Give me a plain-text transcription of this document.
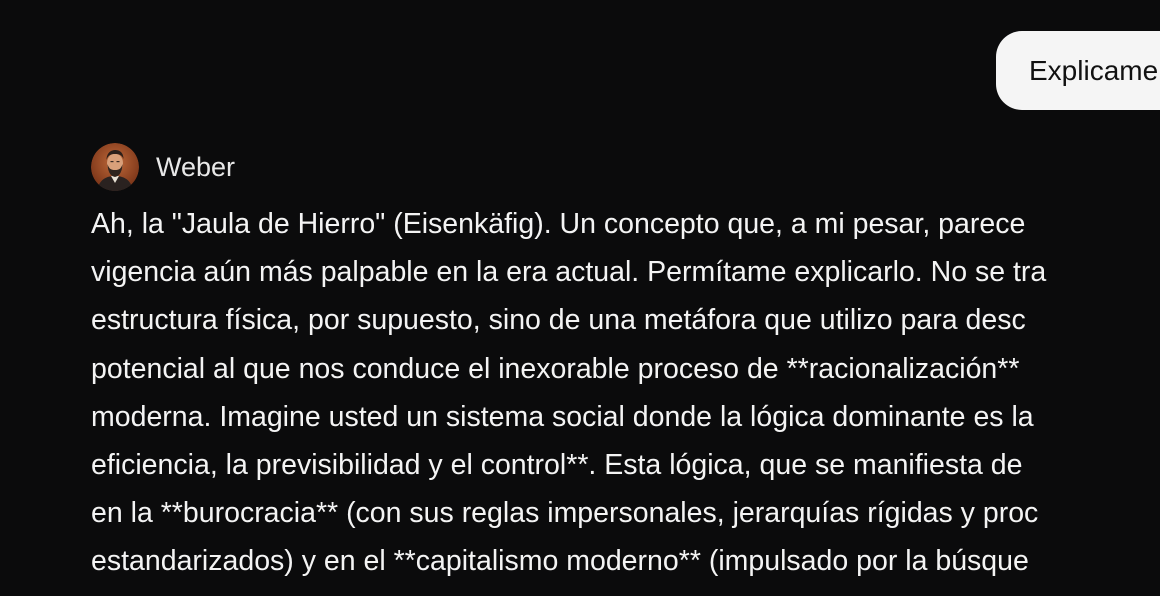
Explicame
Weber
Ah, la "Jaula de Hierro" (Eisenkäfig). Un concepto que, a mi pesar, parece
vigencia aún más palpable en la era actual. Permítame explicarlo. No se tra
estructura física, por supuesto, sino de una metáfora que utilizo para desc
potencial al que nos conduce el inexorable proceso de **racionalización**
moderna. Imagine usted un sistema social donde la lógica dominante es la
eficiencia, la previsibilidad y el control**. Esta lógica, que se manifiesta de
en la **burocracia** (con sus reglas impersonales, jerarquías rígidas y proc
estandarizados) y en el **capitalismo moderno** (impulsado por la búsque
